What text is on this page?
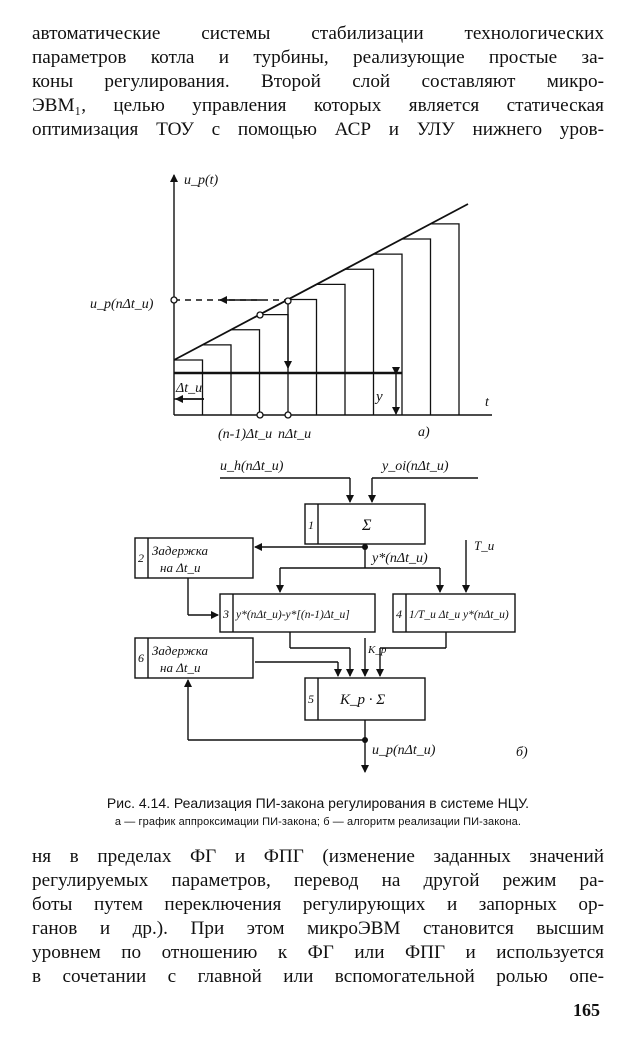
автоматические системы стабилизации технологических
параметров котла и турбины, реализующие простые за-
коны регулирования. Второй слой составляют микро-
ЭВМ₁, целью управления которых является статическая
оптимизация ТОУ с помощью АСР и УЛУ нижнего уров-
u_p(t)
u_p(nΔt_u)
Δt_u
y	t
(n-1)Δt_u nΔt_u	a)
u_h(nΔt_u)	y_oi(nΔt_u)
1	Σ
2 Задержка
на Δt_u
y*(nΔt_u)
T_u
3 y*(nΔt_u)-y*[(n-1)Δt_u]	4 1/T_u Δt_u y*(nΔt_u)
6 Задержка
на Δt_u
K_p
5 K_p · Σ
u_p(nΔt_u)	б)
Рис. 4.14. Реализация ПИ-закона регулирования в системе НЦУ.
а — график аппроксимации ПИ-закона; б — алгоритм реализации ПИ-закона.
ня в пределах ФГ и ФПГ (изменение заданных значений
регулируемых параметров, перевод на другой режим ра-
боты путем переключения регулирующих и запорных ор-
ганов и др.). При этом микроЭВМ становится высшим
уровнем по отношению к ФГ или ФПГ и используется
в сочетании с главной или вспомогательной ролью опе-
165
